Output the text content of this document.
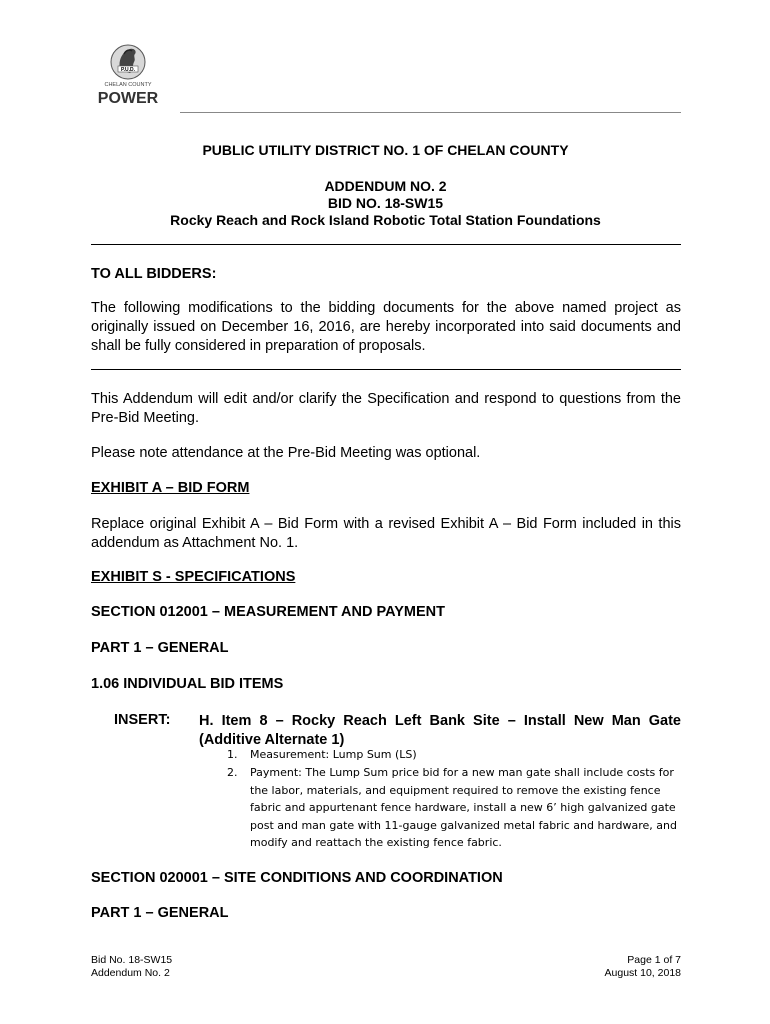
P.U.D.
CHELAN COUNTY
POWER
PUBLIC UTILITY DISTRICT NO. 1 OF CHELAN COUNTY
ADDENDUM NO. 2
BID NO. 18-SW15
Rocky Reach and Rock Island Robotic Total Station Foundations
TO ALL BIDDERS:
The following modifications to the bidding documents for the above named project as originally issued on December 16, 2016, are hereby incorporated into said documents and shall be fully considered in preparation of proposals.
This Addendum will edit and/or clarify the Specification and respond to questions from the Pre-Bid Meeting.
Please note attendance at the Pre-Bid Meeting was optional.
EXHIBIT A – BID FORM
Replace original Exhibit A – Bid Form with a revised Exhibit A – Bid Form included in this addendum as Attachment No. 1.
EXHIBIT S - SPECIFICATIONS
SECTION 012001 – MEASUREMENT AND PAYMENT
PART 1 – GENERAL
1.06 INDIVIDUAL BID ITEMS
INSERT: H. Item 8 – Rocky Reach Left Bank Site – Install New Man Gate (Additive Alternate 1)
1. Measurement: Lump Sum (LS)
2. Payment: The Lump Sum price bid for a new man gate shall include costs for the labor, materials, and equipment required to remove the existing fence fabric and appurtenant fence hardware, install a new 6’ high galvanized gate post and man gate with 11-gauge galvanized metal fabric and hardware, and modify and reattach the existing fence fabric.
SECTION 020001 – SITE CONDITIONS AND COORDINATION
PART 1 – GENERAL
Bid No. 18-SW15
Addendum No. 2
Page 1 of 7
August 10, 2018
